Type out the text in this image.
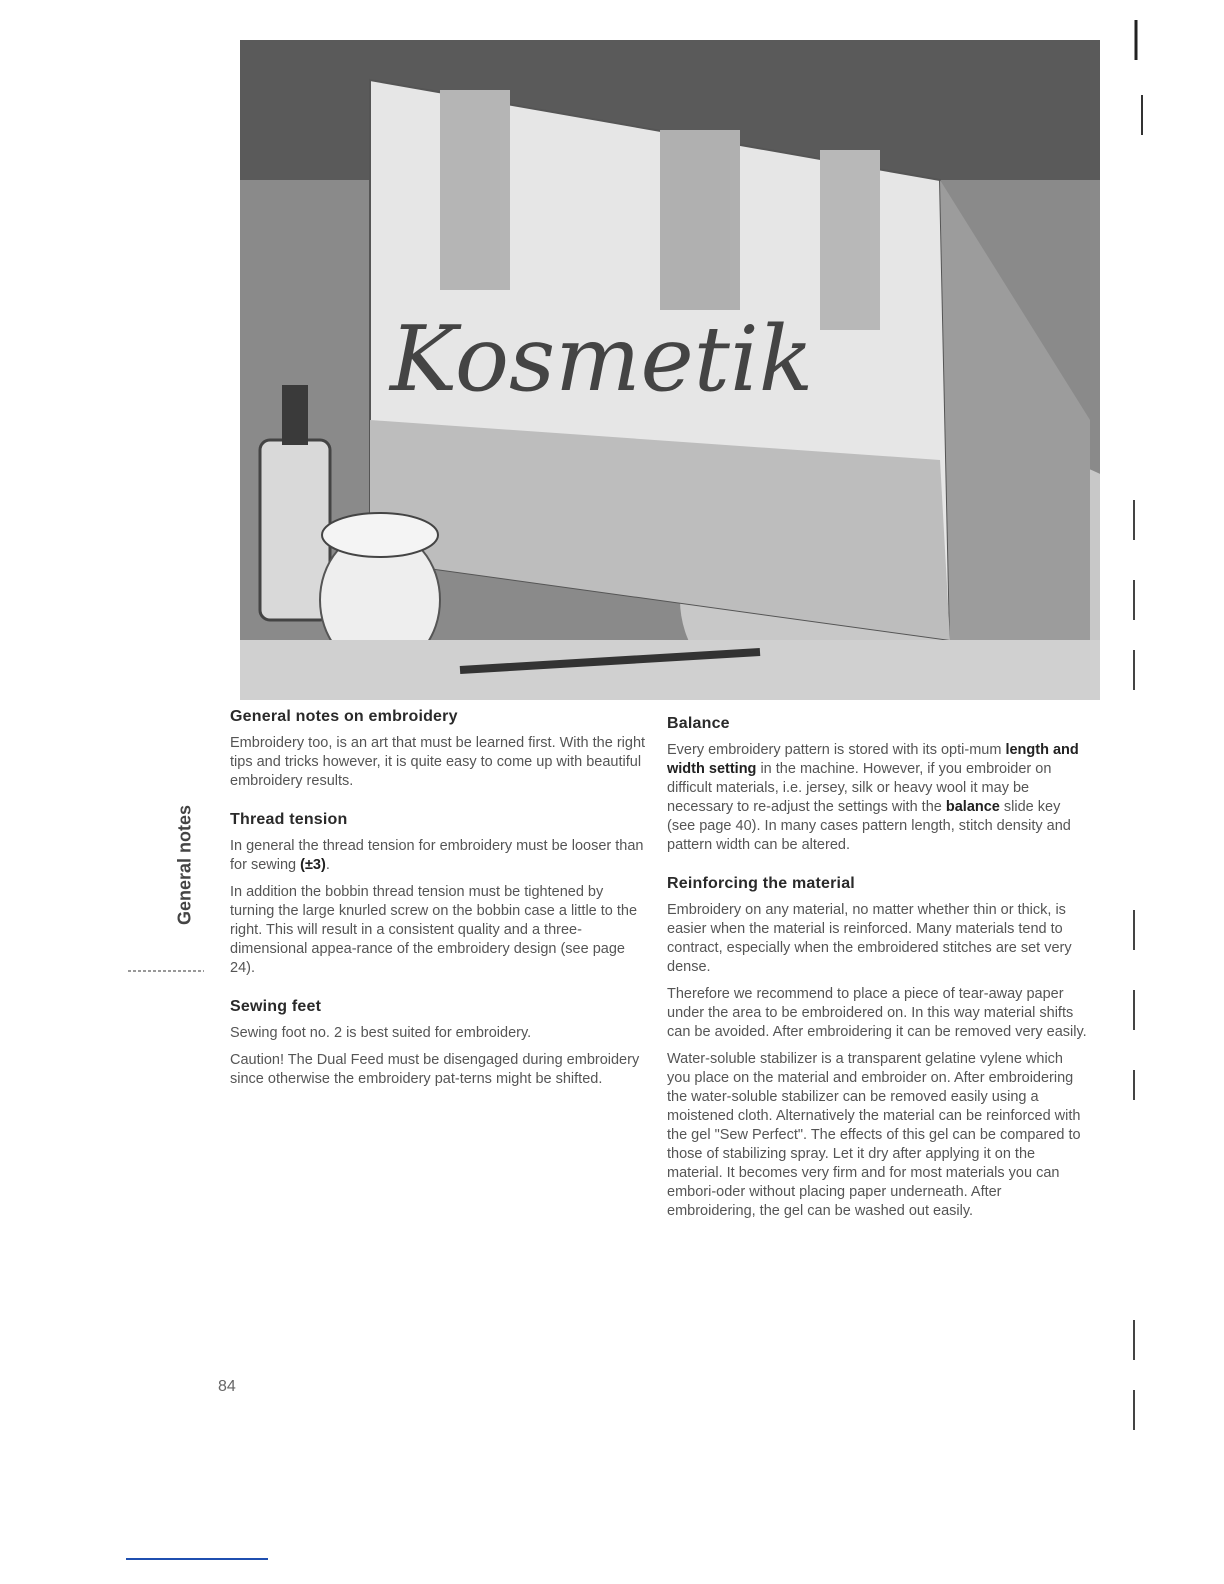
Kosmetik
General notes
General notes on embroidery

Embroidery too, is an art that must be learned first. With the right tips and tricks however, it is quite easy to come up with beautiful embroidery results.

Thread tension

In general the thread tension for embroidery must be looser than for sewing (±3).

In addition the bobbin thread tension must be tightened by turning the large knurled screw on the bobbin case a little to the right. This will result in a consistent quality and a three-dimensional appea-rance of the embroidery design (see page 24).

Sewing feet

Sewing foot no. 2 is best suited for embroidery.

Caution! The Dual Feed must be disengaged during embroidery since otherwise the embroidery pat-terns might be shifted.

Balance

Every embroidery pattern is stored with its opti-mum length and width setting in the machine. However, if you embroider on difficult materials, i.e. jersey, silk or heavy wool it may be necessary to re-adjust the settings with the balance slide key (see page 40). In many cases pattern length, stitch density and pattern width can be altered.

Reinforcing the material

Embroidery on any material, no matter whether thin or thick, is easier when the material is reinforced. Many materials tend to contract, especially when the embroidered stitches are set very dense.

Therefore we recommend to place a piece of tear-away paper under the area to be embroidered on. In this way material shifts can be avoided. After embroidering it can be removed very easily.

Water-soluble stabilizer is a transparent gelatine vylene which you place on the material and embroider on. After embroidering the water-soluble stabilizer can be removed easily using a moistened cloth. Alternatively the material can be reinforced with the gel "Sew Perfect". The effects of this gel can be compared to those of stabilizing spray. Let it dry after applying it on the material. It becomes very firm and for most materials you can embori-oder without placing paper underneath. After embroidering, the gel can be washed out easily.

84
